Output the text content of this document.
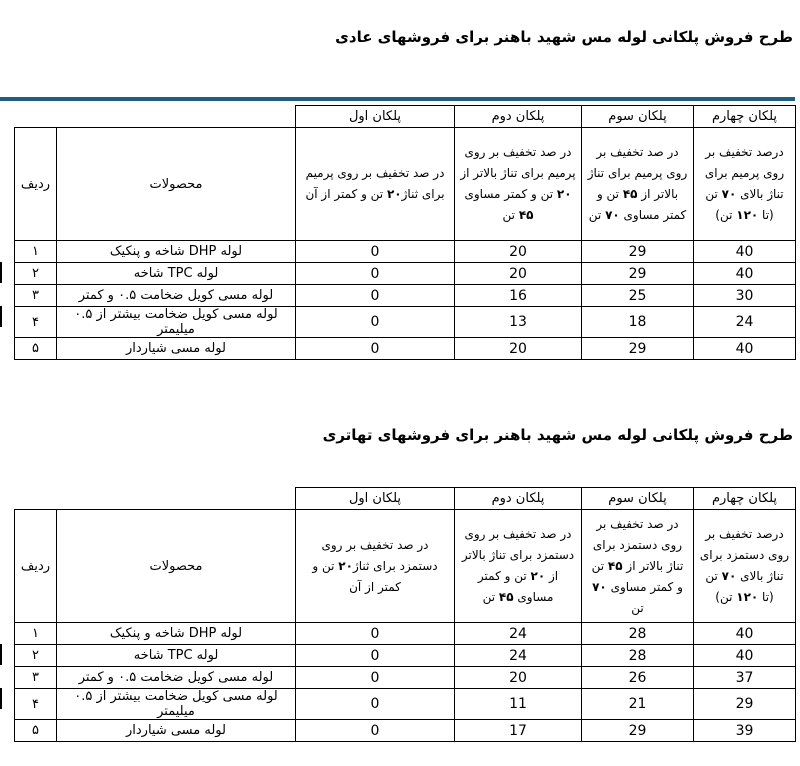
طرح فروش پلکانی لوله مس شهید باهنر برای فروشهای عادی
		پلکان اول	پلکان دوم	پلکان سوم	پلکان چهارم
ردیف	محصولات	در صد تخفیف بر روی پرمیم برای ثناژ۲۰ تن و کمتر از آن	در صد تخفیف بر روی پرمیم برای تناژ بالاتر از ۲۰ تن و کمتر مساوی ۴۵ تن	در صد تخفیف بر روی پرمیم برای تناژ بالاتر از ۴۵ تن و کمتر مساوی ۷۰ تن	درصد تخفیف بر روی پرمیم برای تناژ بالای ۷۰ تن (تا ۱۲۰ تن)
۱	لوله DHP شاخه و پنکیک	0	20	29	40
۲	لوله TPC شاخه	0	20	29	40
۳	لوله مسی کویل ضخامت ۰.۵ و کمتر	0	16	25	30
۴	لوله مسی کویل ضخامت بیشتر از ۰.۵ میلیمتر	0	13	18	24
۵	لوله مسی شیاردار	0	20	29	40
طرح فروش پلکانی لوله مس شهید باهنر برای فروشهای تهاتری
		پلکان اول	پلکان دوم	پلکان سوم	پلکان چهارم
ردیف	محصولات	در صد تخفیف بر روی دستمزد برای ثناژ۲۰ تن و کمتر از آن	در صد تخفیف بر روی دستمزد برای تناژ بالاتر از ۲۰ تن و کمتر مساوی ۴۵ تن	در صد تخفیف بر روی دستمزد برای تناژ بالاتر از ۴۵ تن و کمتر مساوی ۷۰ تن	درصد تخفیف بر روی دستمزد برای تناژ بالای ۷۰ تن (تا ۱۲۰ تن)
۱	لوله DHP شاخه و پنکیک	0	24	28	40
۲	لوله TPC شاخه	0	24	28	40
۳	لوله مسی کویل ضخامت ۰.۵ و کمتر	0	20	26	37
۴	لوله مسی کویل ضخامت بیشتر از ۰.۵ میلیمتر	0	11	21	29
۵	لوله مسی شیاردار	0	17	29	39
